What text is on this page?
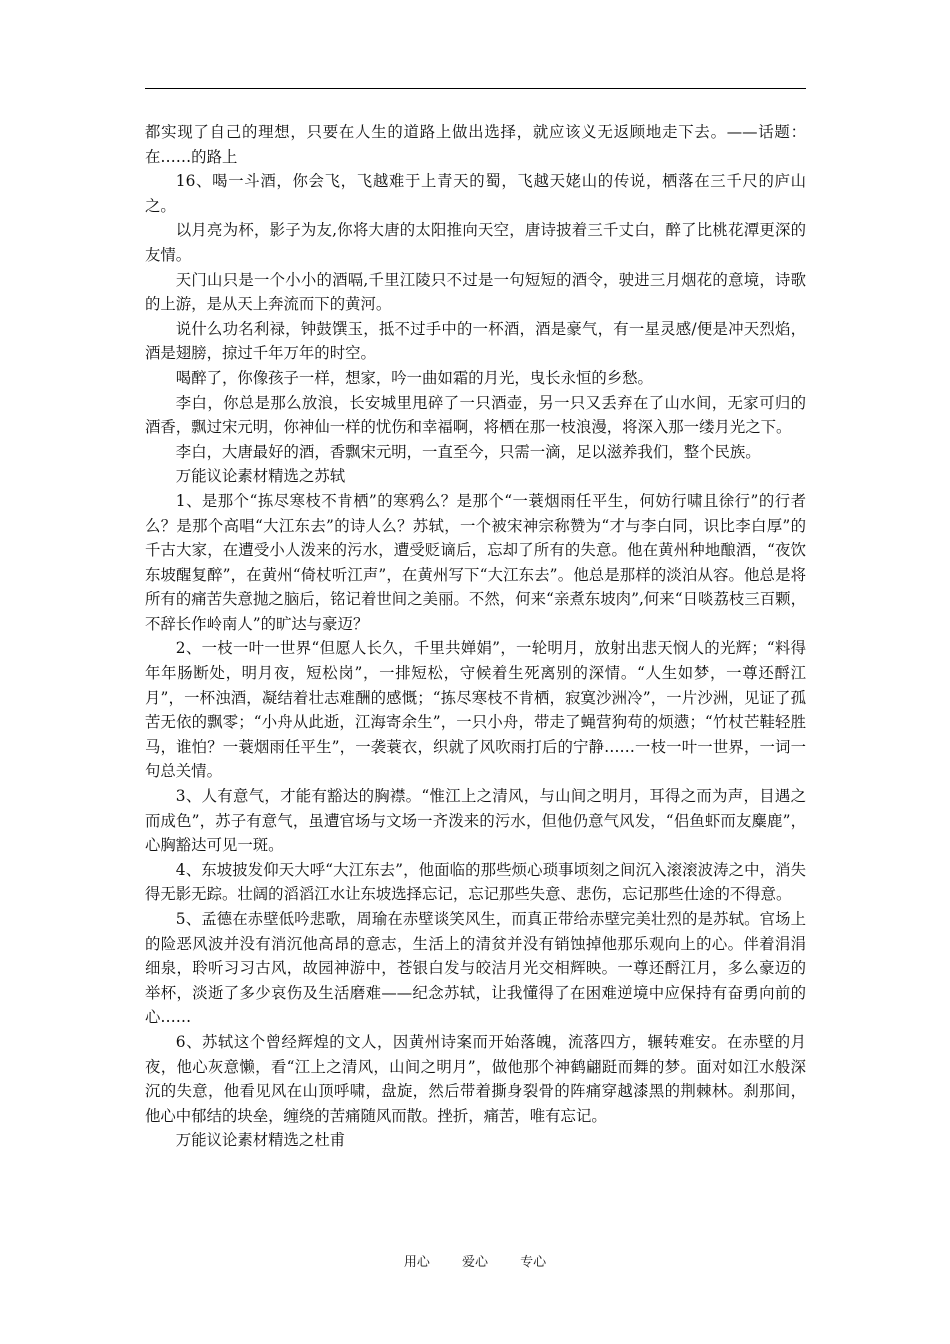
都实现了自己的理想，只要在人生的道路上做出选择，就应该义无返顾地走下去。——话题：在……的路上

16、喝一斗酒，你会飞，飞越难于上青天的蜀，飞越天姥山的传说，栖落在三千尺的庐山之。

以月亮为杯，影子为友,你将大唐的太阳推向天空，唐诗披着三千丈白，醉了比桃花潭更深的友情。

天门山只是一个小小的酒嗝,千里江陵只不过是一句短短的酒令，驶进三月烟花的意境，诗歌的上游，是从天上奔流而下的黄河。

说什么功名利禄，钟鼓馔玉，抵不过手中的一杯酒，酒是豪气，有一星灵感/便是冲天烈焰，酒是翅膀，掠过千年万年的时空。

喝醉了，你像孩子一样，想家，吟一曲如霜的月光，曳长永恒的乡愁。

李白，你总是那么放浪，长安城里甩碎了一只酒壶，另一只又丢弃在了山水间，无家可归的酒香，飘过宋元明，你神仙一样的忧伤和幸福啊，将栖在那一枝浪漫，将深入那一缕月光之下。

李白，大唐最好的酒，香飘宋元明，一直至今，只需一滴，足以滋养我们，整个民族。

万能议论素材精选之苏轼

1、是那个“拣尽寒枝不肯栖”的寒鸦么？是那个“一蓑烟雨任平生，何妨行啸且徐行”的行者么？是那个高唱“大江东去”的诗人么？苏轼，一个被宋神宗称赞为“才与李白同，识比李白厚”的千古大家，在遭受小人泼来的污水，遭受贬谪后，忘却了所有的失意。他在黄州种地酿酒，“夜饮东坡醒复醉”，在黄州“倚杖听江声”，在黄州写下“大江东去”。他总是那样的淡泊从容。他总是将所有的痛苦失意抛之脑后，铭记着世间之美丽。不然，何来“亲煮东坡肉”,何来“日啖荔枝三百颗，不辞长作岭南人”的旷达与豪迈？

2、一枝一叶一世界“但愿人长久，千里共婵娟”，一轮明月，放射出悲天悯人的光辉；“料得年年肠断处，明月夜，短松岗”，一排短松，守候着生死离别的深情。“人生如梦，一尊还酹江月”，一杯浊酒，凝结着壮志难酬的感慨；“拣尽寒枝不肯栖，寂寞沙洲冷”，一片沙洲，见证了孤苦无依的飘零；“小舟从此逝，江海寄余生”，一只小舟，带走了蝇营狗苟的烦懑；“竹杖芒鞋轻胜马，谁怕？一蓑烟雨任平生”，一袭蓑衣，织就了风吹雨打后的宁静……一枝一叶一世界，一词一句总关情。

3、人有意气，才能有豁达的胸襟。“惟江上之清风，与山间之明月，耳得之而为声，目遇之而成色”，苏子有意气，虽遭官场与文场一齐泼来的污水，但他仍意气风发，“侣鱼虾而友麋鹿”，心胸豁达可见一斑。

4、东坡披发仰天大呼“大江东去”，他面临的那些烦心琐事顷刻之间沉入滚滚波涛之中，消失得无影无踪。壮阔的滔滔江水让东坡选择忘记，忘记那些失意、悲伤，忘记那些仕途的不得意。

5、孟德在赤壁低吟悲歌，周瑜在赤壁谈笑风生，而真正带给赤壁完美壮烈的是苏轼。官场上的险恶风波并没有消沉他高昂的意志，生活上的清贫并没有销蚀掉他那乐观向上的心。伴着涓涓细泉，聆听习习古风，故园神游中，苍银白发与皎洁月光交相辉映。一尊还酹江月，多么豪迈的举杯，淡逝了多少哀伤及生活磨难——纪念苏轼，让我懂得了在困难逆境中应保持有奋勇向前的心……

6、苏轼这个曾经辉煌的文人，因黄州诗案而开始落魄，流落四方，辗转难安。在赤壁的月夜，他心灰意懒，看“江上之清风，山间之明月”，做他那个神鹤翩跹而舞的梦。面对如江水般深沉的失意，他看见风在山顶呼啸，盘旋，然后带着撕身裂骨的阵痛穿越漆黑的荆棘林。刹那间，他心中郁结的块垒，缠绕的苦痛随风而散。挫折，痛苦，唯有忘记。

万能议论素材精选之杜甫

用心 爱心 专心
